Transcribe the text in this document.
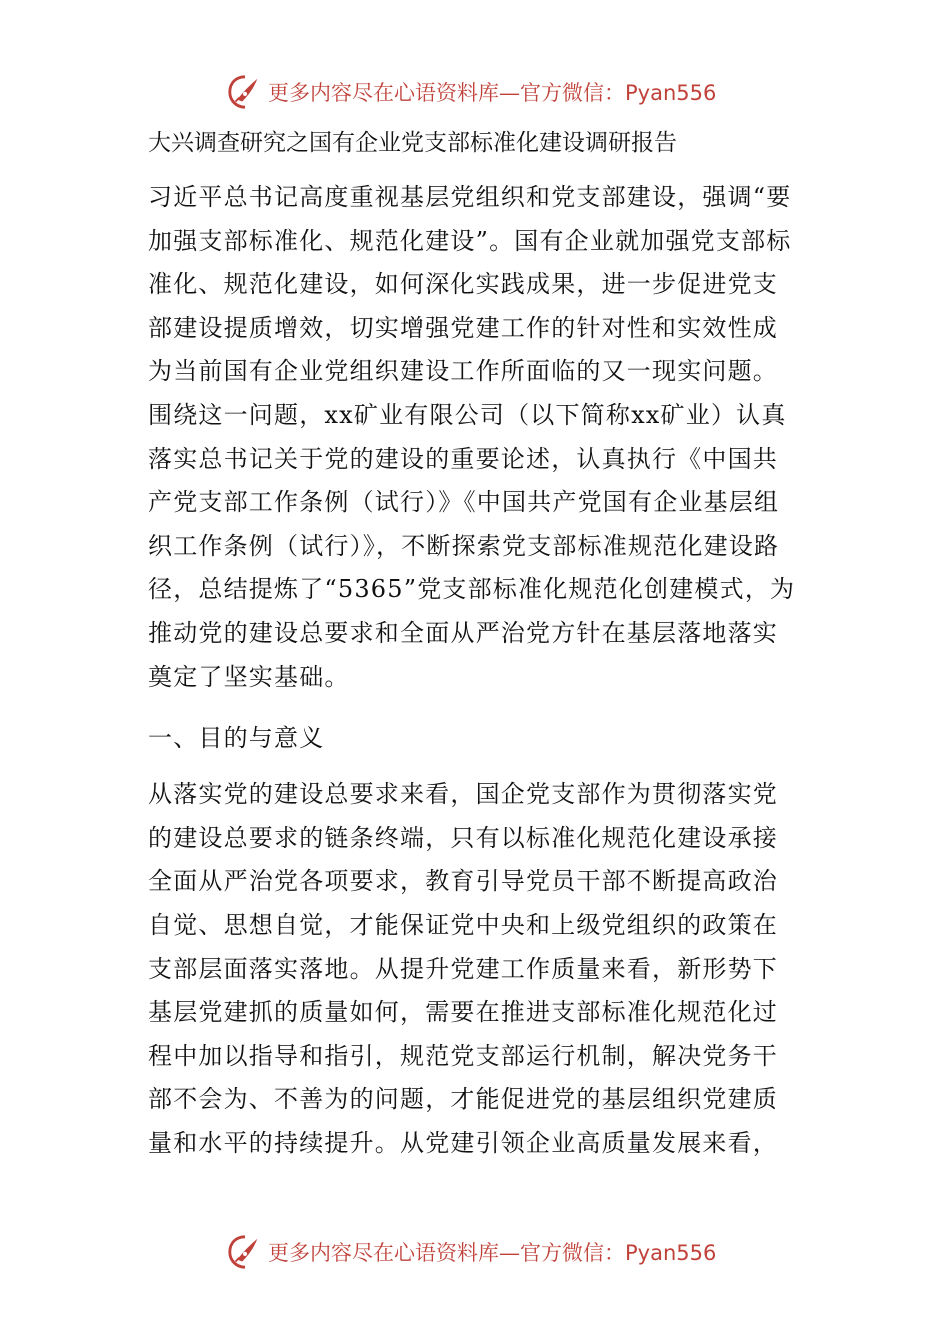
更多内容尽在心语资料库—官方微信：Pyan556
大兴调查研究之国有企业党支部标准化建设调研报告

习近平总书记高度重视基层党组织和党支部建设，强调“要加强支部标准化、规范化建设”。国有企业就加强党支部标准化、规范化建设，如何深化实践成果，进一步促进党支部建设提质增效，切实增强党建工作的针对性和实效性成为当前国有企业党组织建设工作所面临的又一现实问题。围绕这一问题，xx矿业有限公司（以下简称xx矿业）认真落实总书记关于党的建设的重要论述，认真执行《中国共产党支部工作条例（试行）》《中国共产党国有企业基层组织工作条例（试行）》，不断探索党支部标准规范化建设路径，总结提炼了“5365”党支部标准化规范化创建模式，为推动党的建设总要求和全面从严治党方针在基层落地落实奠定了坚实基础。

一、目的与意义

从落实党的建设总要求来看，国企党支部作为贯彻落实党的建设总要求的链条终端，只有以标准化规范化建设承接全面从严治党各项要求，教育引导党员干部不断提高政治自觉、思想自觉，才能保证党中央和上级党组织的政策在支部层面落实落地。从提升党建工作质量来看，新形势下基层党建抓的质量如何，需要在推进支部标准化规范化过程中加以指导和指引，规范党支部运行机制，解决党务干部不会为、不善为的问题，才能促进党的基层组织党建质量和水平的持续提升。从党建引领企业高质量发展来看，

更多内容尽在心语资料库—官方微信：Pyan556
